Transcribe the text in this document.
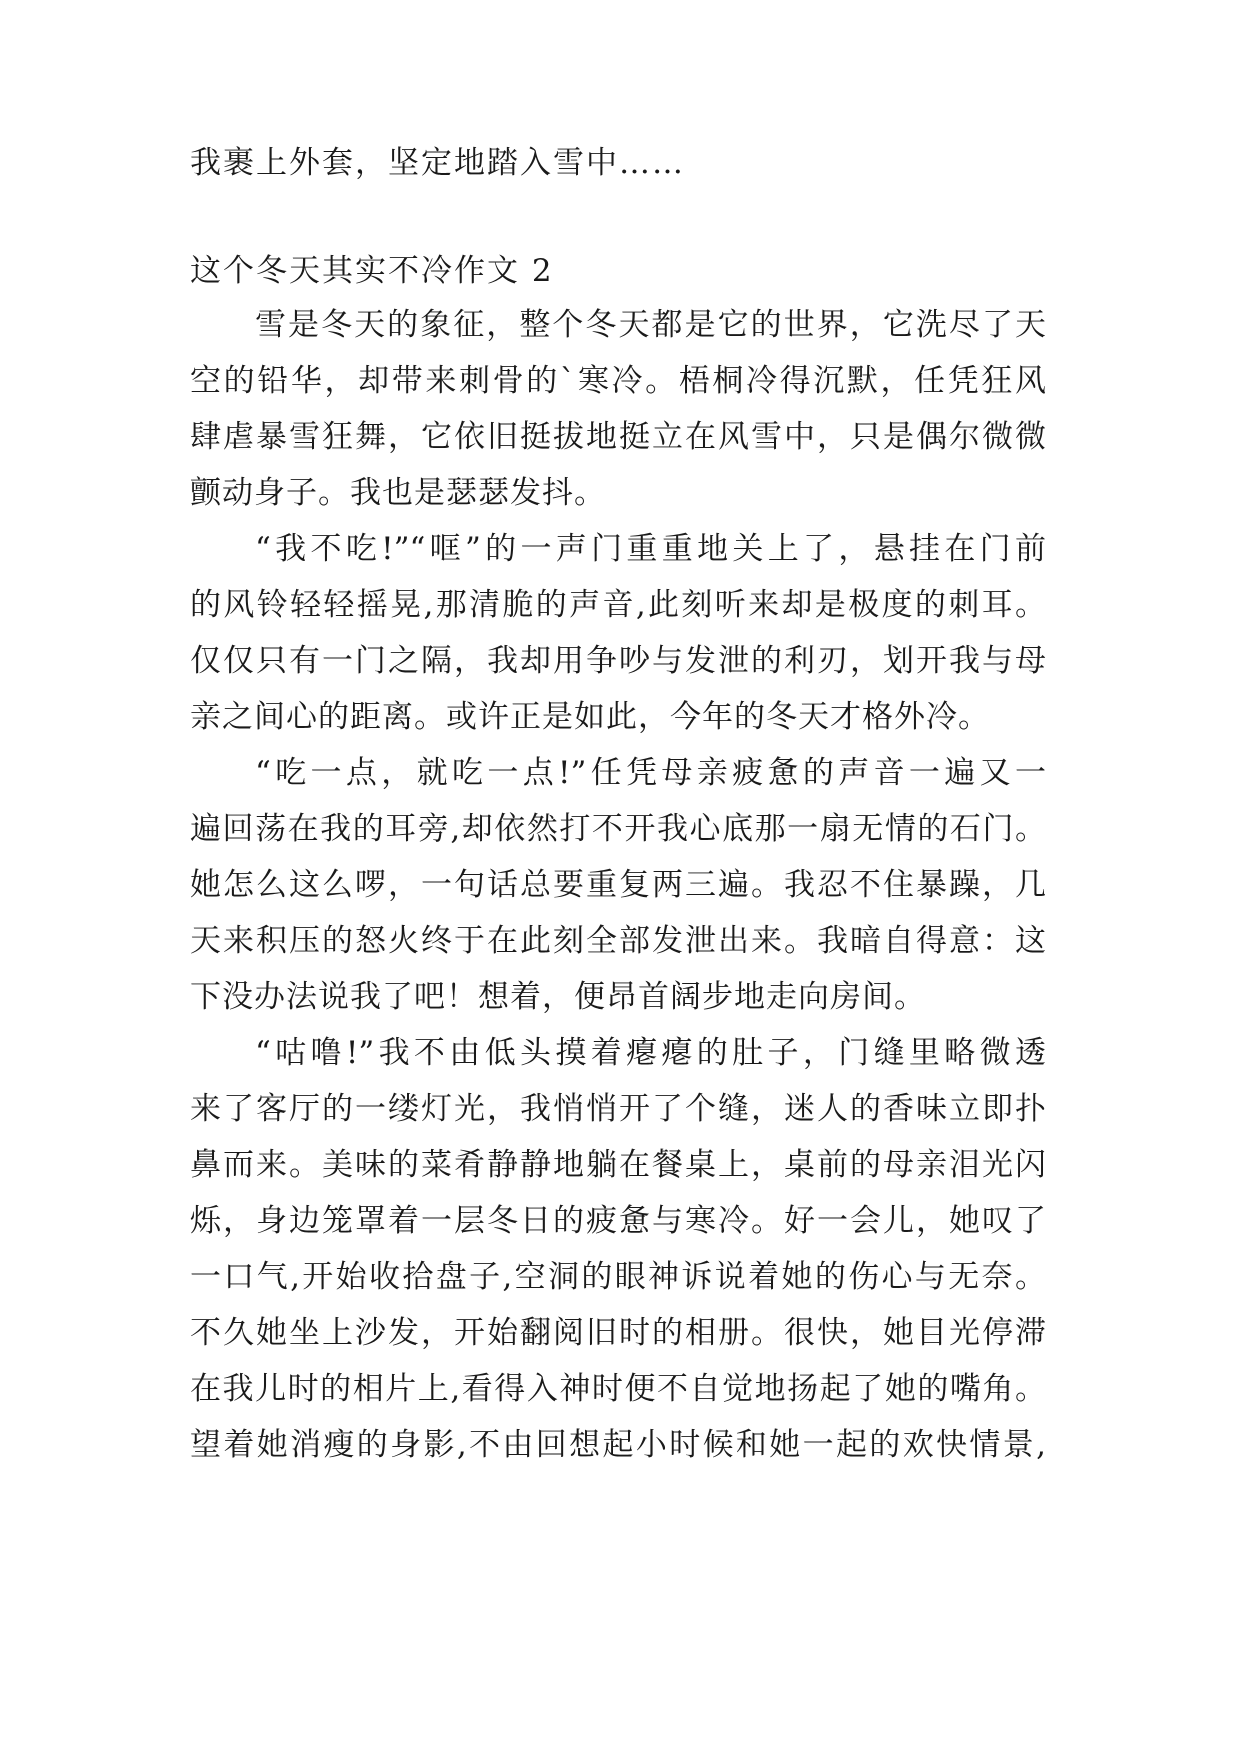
我裹上外套，坚定地踏入雪中……
这个冬天其实不冷作文 2
雪是冬天的象征，整个冬天都是它的世界，它洗尽了天
空的铅华，却带来刺骨的`寒冷。梧桐冷得沉默，任凭狂风
肆虐暴雪狂舞，它依旧挺拔地挺立在风雪中，只是偶尔微微
颤动身子。我也是瑟瑟发抖。
“我不吃!”“哐”的一声门重重地关上了，悬挂在门前
的风铃轻轻摇晃,那清脆的声音,此刻听来却是极度的刺耳。
仅仅只有一门之隔，我却用争吵与发泄的利刃，划开我与母
亲之间心的距离。或许正是如此，今年的冬天才格外冷。
“吃一点，就吃一点!”任凭母亲疲惫的声音一遍又一
遍回荡在我的耳旁,却依然打不开我心底那一扇无情的石门。
她怎么这么啰，一句话总要重复两三遍。我忍不住暴躁，几
天来积压的怒火终于在此刻全部发泄出来。我暗自得意：这
下没办法说我了吧！想着，便昂首阔步地走向房间。
“咕噜!”我不由低头摸着瘪瘪的肚子，门缝里略微透
来了客厅的一缕灯光，我悄悄开了个缝，迷人的香味立即扑
鼻而来。美味的菜肴静静地躺在餐桌上，桌前的母亲泪光闪
烁，身边笼罩着一层冬日的疲惫与寒冷。好一会儿，她叹了
一口气,开始收拾盘子,空洞的眼神诉说着她的伤心与无奈。
不久她坐上沙发，开始翻阅旧时的相册。很快，她目光停滞
在我儿时的相片上,看得入神时便不自觉地扬起了她的嘴角。
望着她消瘦的身影,不由回想起小时候和她一起的欢快情景,
